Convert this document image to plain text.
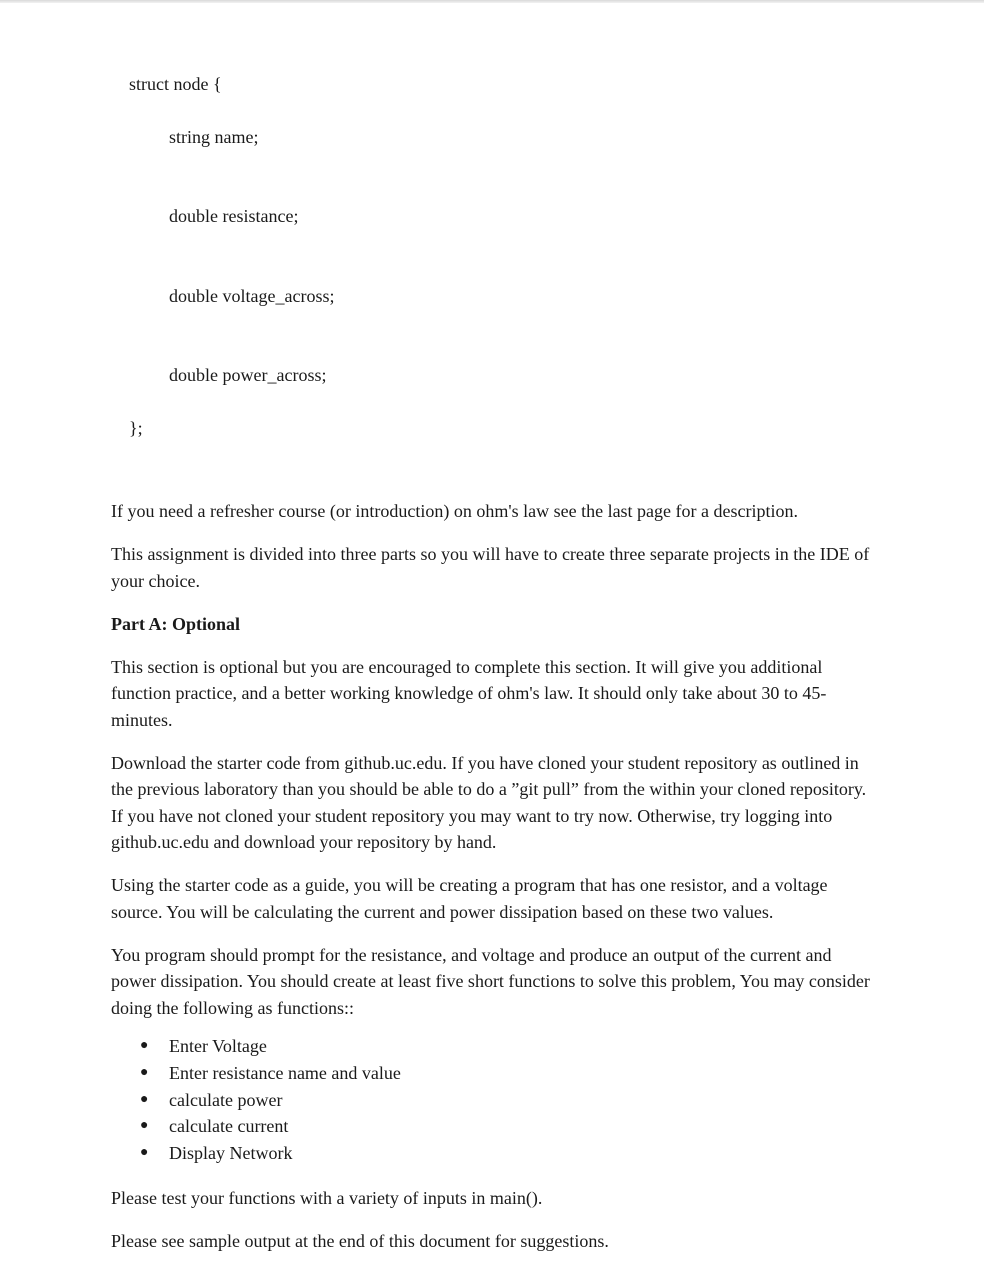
struct node {

string name;

double resistance;

double voltage_across;

double power_across;

};

If you need a refresher course (or introduction) on ohm's law see the last page for a description.

This assignment is divided into three parts so you will have to create three separate projects in the IDE of your choice.

Part A: Optional

This section is optional but you are encouraged to complete this section. It will give you additional function practice, and a better working knowledge of ohm's law. It should only take about 30 to 45-minutes.

Download the starter code from github.uc.edu. If you have cloned your student repository as outlined in the previous laboratory than you should be able to do a ”git pull” from the within your cloned repository. If you have not cloned your student repository you may want to try now. Otherwise, try logging into github.uc.edu and download your repository by hand.

Using the starter code as a guide, you will be creating a program that has one resistor, and a voltage source. You will be calculating the current and power dissipation based on these two values.

You program should prompt for the resistance, and voltage and produce an output of the current and power dissipation. You should create at least five short functions to solve this problem, You may consider doing the following as functions::

● Enter Voltage
● Enter resistance name and value
● calculate power
● calculate current
● Display Network

Please test your functions with a variety of inputs in main().

Please see sample output at the end of this document for suggestions.
